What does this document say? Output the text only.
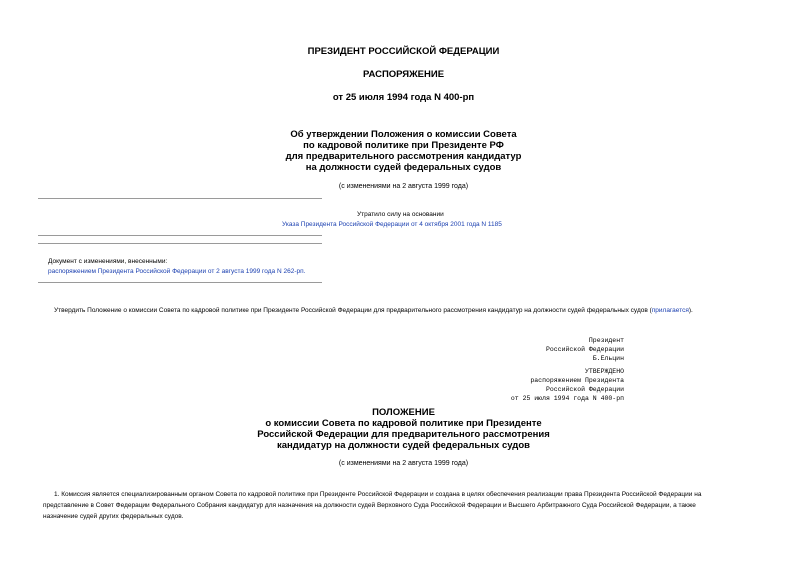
ПРЕЗИДЕНТ РОССИЙСКОЙ ФЕДЕРАЦИИ
РАСПОРЯЖЕНИЕ
от 25 июля 1994 года N 400-рп
Об утверждении Положения о комиссии Совета
по кадровой политике при Президенте РФ
для предварительного рассмотрения кандидатур
на должности судей федеральных судов
(с изменениями на 2 августа 1999 года)
Утратило силу на основании
Указа Президента Российской Федерации от 4 октября 2001 года N 1185
Документ с изменениями, внесенными:
распоряжением Президента Российской Федерации от 2 августа 1999 года N 262-рп.
Утвердить Положение о комиссии Совета по кадровой политике при Президенте Российской Федерации для предварительного рассмотрения кандидатур на должности судей федеральных судов (прилагается).
Президент
Российской Федерации
Б.Ельцин
УТВЕРЖДЕНО
распоряжением Президента
Российской Федерации
от 25 июля 1994 года N 400-рп
ПОЛОЖЕНИЕ
о комиссии Совета по кадровой политике при Президенте
Российской Федерации для предварительного рассмотрения
кандидатур на должности судей федеральных судов
(с изменениями на 2 августа 1999 года)
1. Комиссия является специализированным органом Совета по кадровой политике при Президенте Российской Федерации и создана в целях обеспечения реализации права Президента Российской Федерации на
представление в Совет Федерации Федерального Собрания кандидатур для назначения на должности судей Верховного Суда Российской Федерации и Высшего Арбитражного Суда Российской Федерации, а также
назначение судей других федеральных судов.
